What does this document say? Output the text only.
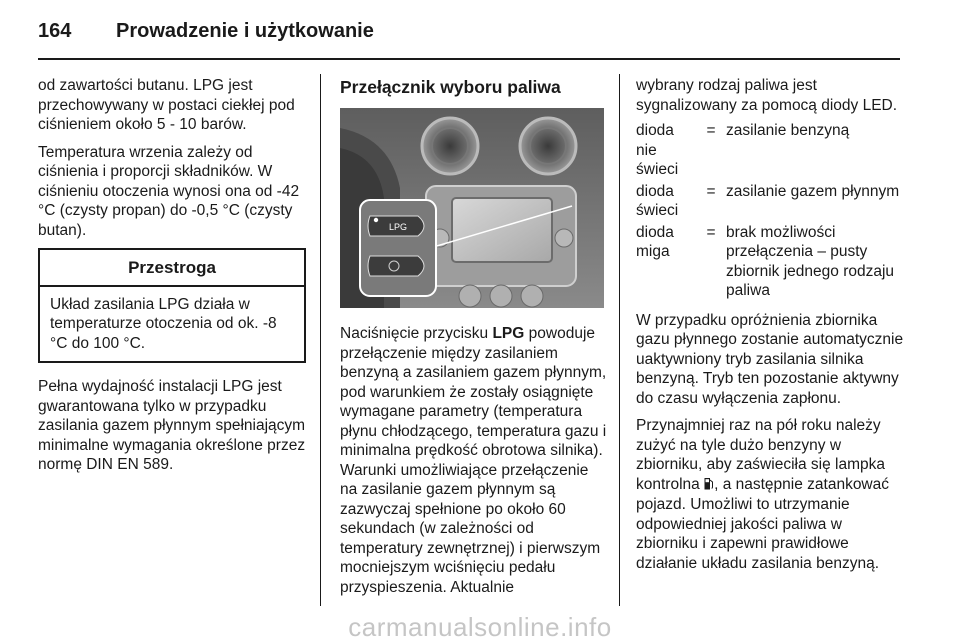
164 Prowadzenie i użytkowanie

od zawartości butanu. LPG jest przechowywany w postaci ciekłej pod ciśnieniem około 5 - 10 barów.

Temperatura wrzenia zależy od ciśnienia i proporcji składników. W ciśnieniu otoczenia wynosi ona od -42 °C (czysty propan) do -0,5 °C (czysty butan).

Przestroga
Układ zasilania LPG działa w temperaturze otoczenia od ok. -8 °C do 100 °C.

Pełna wydajność instalacji LPG jest gwarantowana tylko w przypadku zasilania gazem płynnym spełniającym minimalne wymagania określone przez normę DIN EN 589.

Przełącznik wyboru paliwa
LPG

Naciśnięcie przycisku LPG powoduje przełączenie między zasilaniem benzyną a zasilaniem gazem płynnym, pod warunkiem że zostały osiągnięte wymagane parametry (temperatura płynu chłodzącego, temperatura gazu i minimalna prędkość obrotowa silnika). Warunki umożliwiające przełączenie na zasilanie gazem płynnym są zazwyczaj spełnione po około 60 sekundach (w zależności od temperatury zewnętrznej) i pierwszym mocniejszym wciśnięciu pedału przyspieszenia. Aktualnie

wybrany rodzaj paliwa jest sygnalizowany za pomocą diody LED.

dioda nie świeci	=	zasilanie benzyną
dioda świeci	=	zasilanie gazem płynnym
dioda miga	=	brak możliwości przełączenia – pusty zbiornik jednego rodzaju paliwa

W przypadku opróżnienia zbiornika gazu płynnego zostanie automatycznie uaktywniony tryb zasilania silnika benzyną. Tryb ten pozostanie aktywny do czasu wyłączenia zapłonu.

Przynajmniej raz na pół roku należy zużyć na tyle dużo benzyny w zbiorniku, aby zaświeciła się lampka kontrolna , a następnie zatankować pojazd. Umożliwi to utrzymanie odpowiedniej jakości paliwa w zbiorniku i zapewni prawidłowe działanie układu zasilania benzyną.

carmanualsonline.info
